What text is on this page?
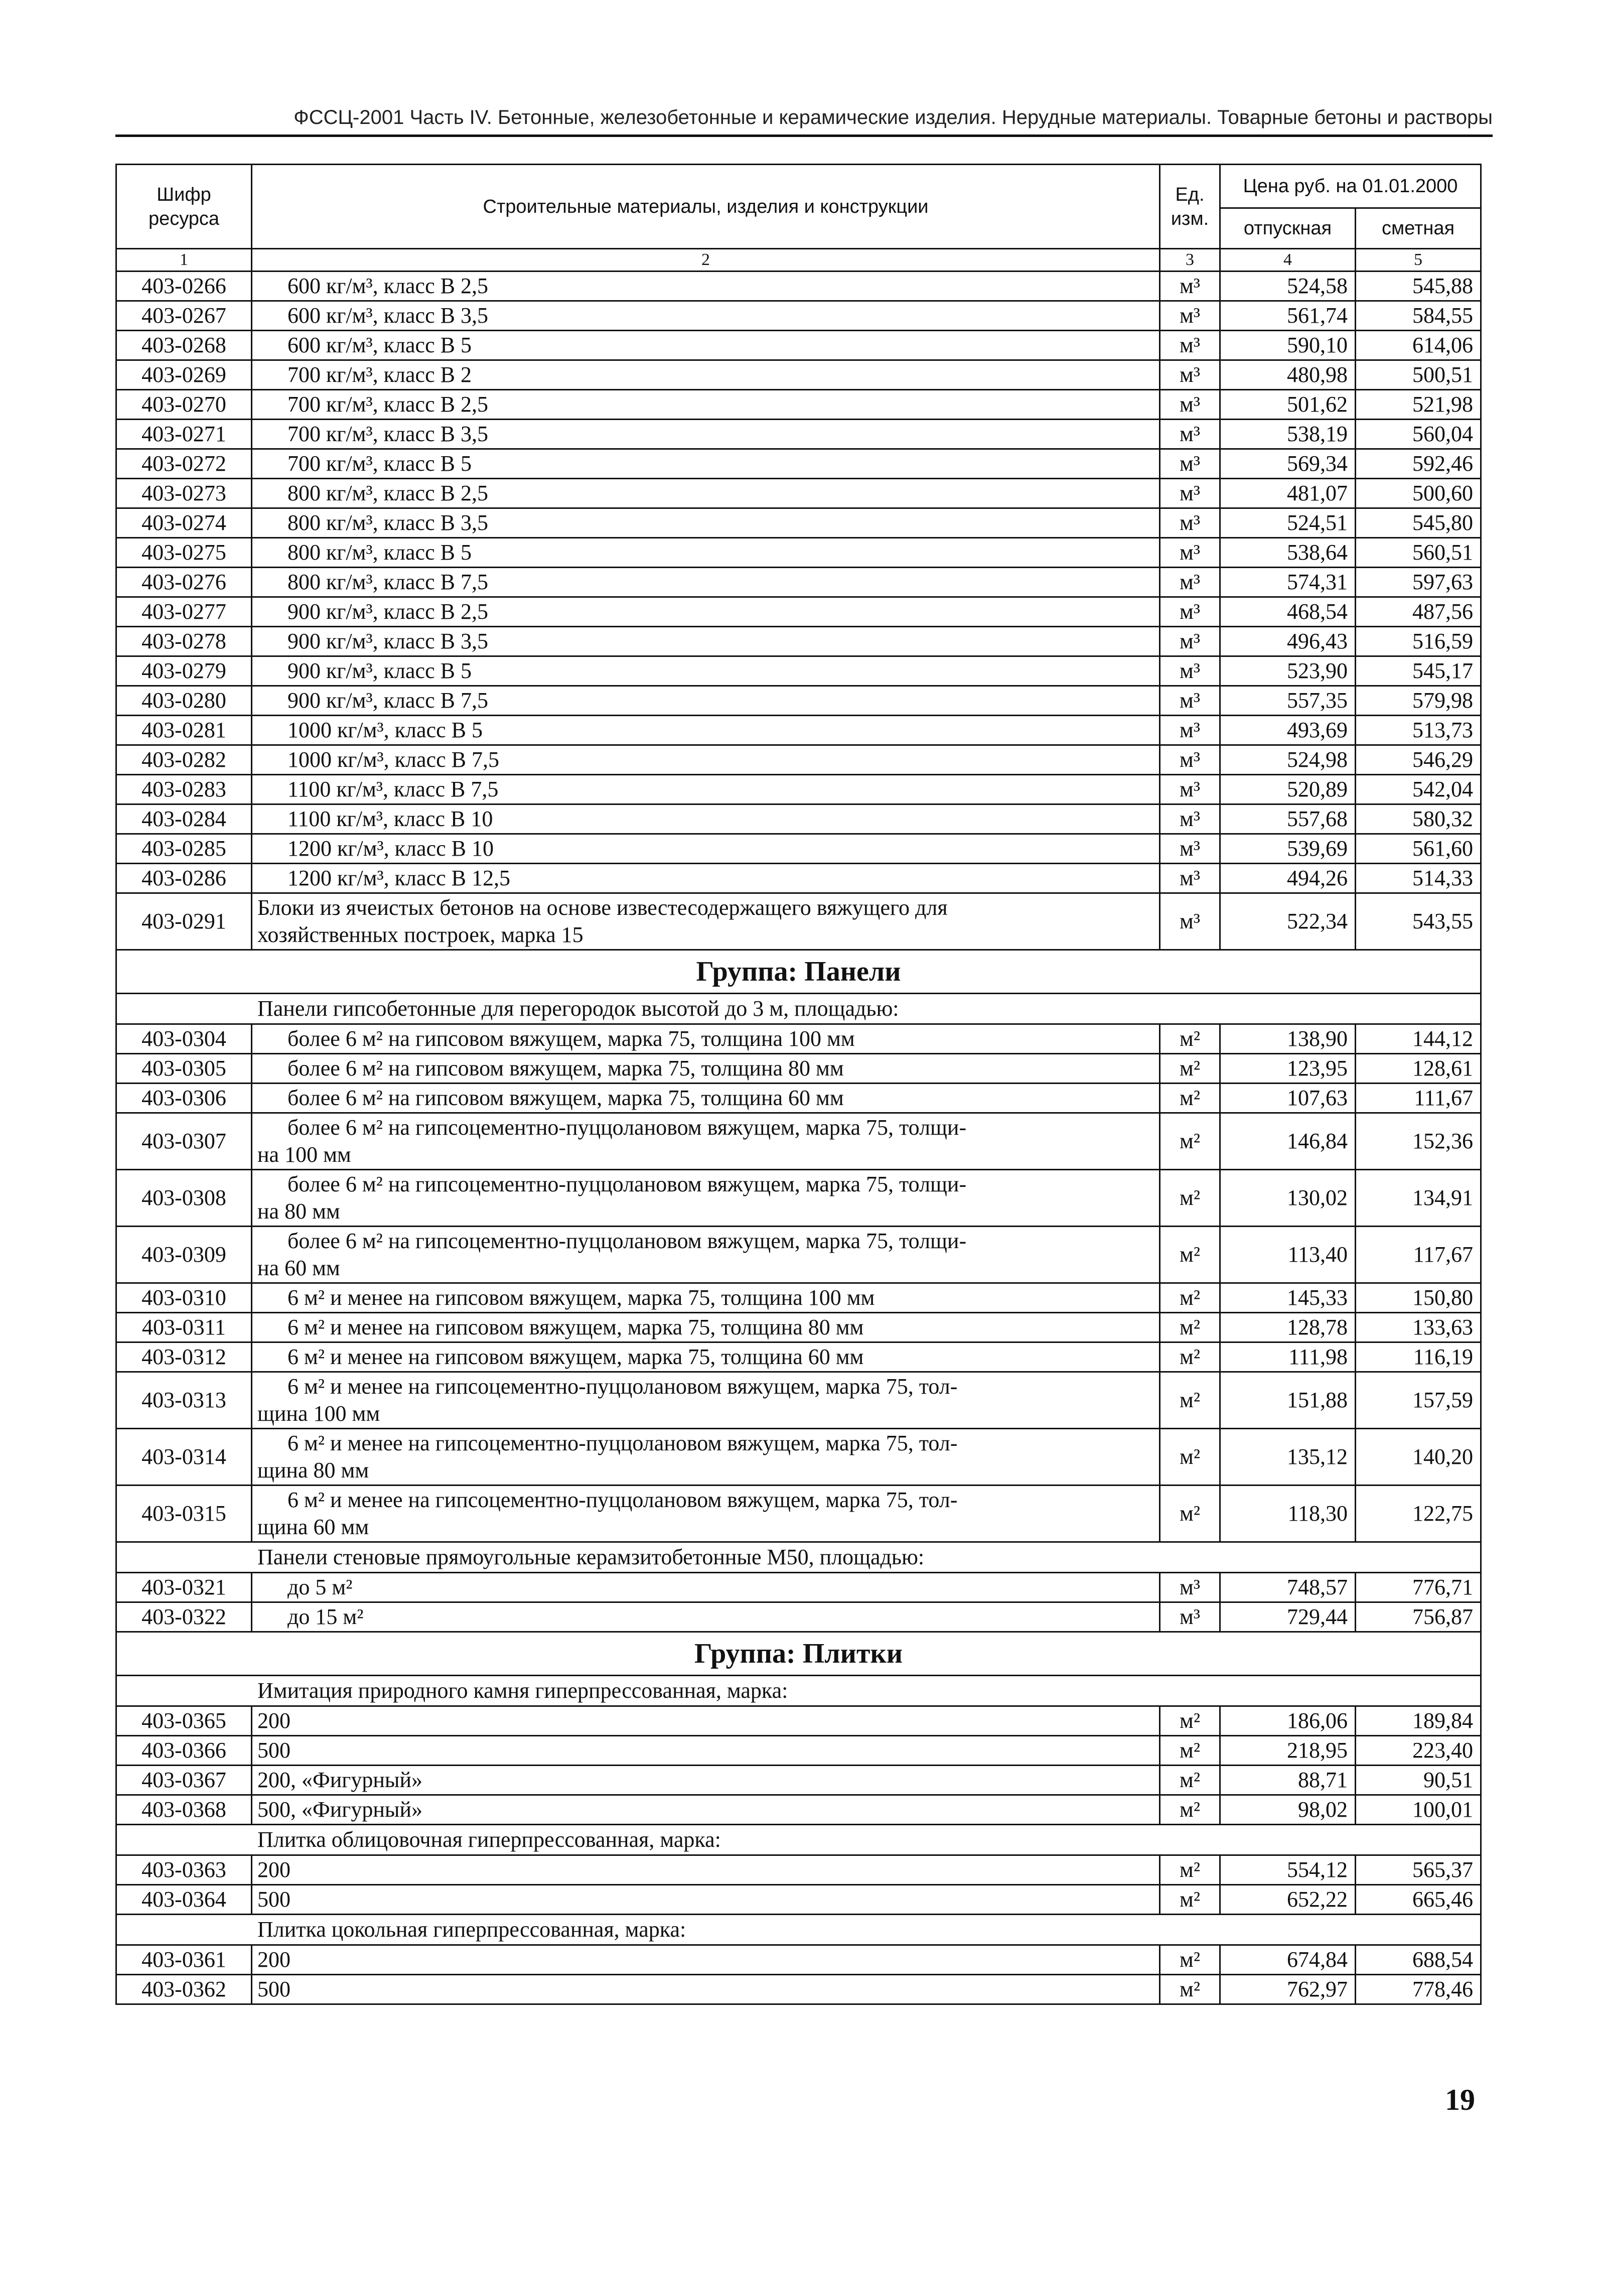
ФССЦ-2001 Часть IV. Бетонные, железобетонные и керамические изделия. Нерудные материалы. Товарные бетоны и растворы
Шифр ресурса	Строительные материалы, изделия и конструкции	Ед. изм.	Цена руб. на 01.01.2000	
			отпускная	сметная
1	2	3	4	5
403-0266	600 кг/м³, класс В 2,5	м³	524,58	545,88
403-0267	600 кг/м³, класс В 3,5	м³	561,74	584,55
403-0268	600 кг/м³, класс В 5	м³	590,10	614,06
403-0269	700 кг/м³, класс В 2	м³	480,98	500,51
403-0270	700 кг/м³, класс В 2,5	м³	501,62	521,98
403-0271	700 кг/м³, класс В 3,5	м³	538,19	560,04
403-0272	700 кг/м³, класс В 5	м³	569,34	592,46
403-0273	800 кг/м³, класс В 2,5	м³	481,07	500,60
403-0274	800 кг/м³, класс В 3,5	м³	524,51	545,80
403-0275	800 кг/м³, класс В 5	м³	538,64	560,51
403-0276	800 кг/м³, класс В 7,5	м³	574,31	597,63
403-0277	900 кг/м³, класс В 2,5	м³	468,54	487,56
403-0278	900 кг/м³, класс В 3,5	м³	496,43	516,59
403-0279	900 кг/м³, класс В 5	м³	523,90	545,17
403-0280	900 кг/м³, класс В 7,5	м³	557,35	579,98
403-0281	1000 кг/м³, класс В 5	м³	493,69	513,73
403-0282	1000 кг/м³, класс В 7,5	м³	524,98	546,29
403-0283	1100 кг/м³, класс В 7,5	м³	520,89	542,04
403-0284	1100 кг/м³, класс В 10	м³	557,68	580,32
403-0285	1200 кг/м³, класс В 10	м³	539,69	561,60
403-0286	1200 кг/м³, класс В 12,5	м³	494,26	514,33
403-0291	Блоки из ячеистых бетонов на основе известесодержащего вяжущего для
хозяйственных построек, марка 15	м³	522,34	543,55
Группа: Панели				
Панели гипсобетонные для перегородок высотой до 3 м, площадью:				
403-0304	более 6 м² на гипсовом вяжущем, марка 75, толщина 100 мм	м²	138,90	144,12
403-0305	более 6 м² на гипсовом вяжущем, марка 75, толщина 80 мм	м²	123,95	128,61
403-0306	более 6 м² на гипсовом вяжущем, марка 75, толщина 60 мм	м²	107,63	111,67
403-0307	более 6 м² на гипсоцементно-пуццолановом вяжущем, марка 75, толщи-
на 100 мм	м²	146,84	152,36
403-0308	более 6 м² на гипсоцементно-пуццолановом вяжущем, марка 75, толщи-
на 80 мм	м²	130,02	134,91
403-0309	более 6 м² на гипсоцементно-пуццолановом вяжущем, марка 75, толщи-
на 60 мм	м²	113,40	117,67
403-0310	6 м² и менее на гипсовом вяжущем, марка 75, толщина 100 мм	м²	145,33	150,80
403-0311	6 м² и менее на гипсовом вяжущем, марка 75, толщина 80 мм	м²	128,78	133,63
403-0312	6 м² и менее на гипсовом вяжущем, марка 75, толщина 60 мм	м²	111,98	116,19
403-0313	6 м² и менее на гипсоцементно-пуццолановом вяжущем, марка 75, тол-
щина 100 мм	м²	151,88	157,59
403-0314	6 м² и менее на гипсоцементно-пуццолановом вяжущем, марка 75, тол-
щина 80 мм	м²	135,12	140,20
403-0315	6 м² и менее на гипсоцементно-пуццолановом вяжущем, марка 75, тол-
щина 60 мм	м²	118,30	122,75
Панели стеновые прямоугольные керамзитобетонные М50, площадью:				
403-0321	до 5 м²	м³	748,57	776,71
403-0322	до 15 м²	м³	729,44	756,87
Группа: Плитки				
Имитация природного камня гиперпрессованная, марка:				
403-0365	200	м²	186,06	189,84
403-0366	500	м²	218,95	223,40
403-0367	200, «Фигурный»	м²	88,71	90,51
403-0368	500, «Фигурный»	м²	98,02	100,01
Плитка облицовочная гиперпрессованная, марка:				
403-0363	200	м²	554,12	565,37
403-0364	500	м²	652,22	665,46
Плитка цокольная гиперпрессованная, марка:				
403-0361	200	м²	674,84	688,54
403-0362	500	м²	762,97	778,46
19
